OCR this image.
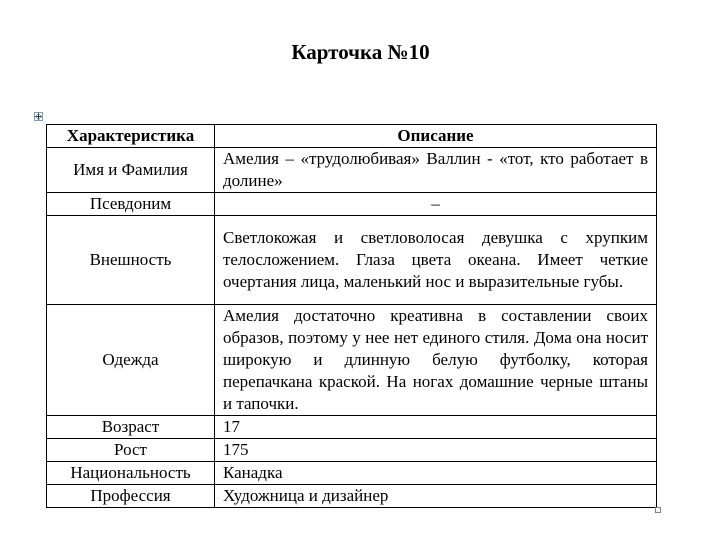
Карточка №10
Характеристика	Описание
Имя и Фамилия	Амелия – «трудолюбивая» Валлин - «тот, кто работает в долине»
Псевдоним	–
Внешность	Светлокожая и светловолосая девушка с хрупким телосложением. Глаза цвета океана. Имеет четкие очертания лица, маленький нос и выразительные губы.
Одежда	Амелия достаточно креативна в составлении своих образов, поэтому у нее нет единого стиля. Дома она носит широкую и длинную белую футболку, которая перепачкана краской. На ногах домашние черные штаны и тапочки.
Возраст	17
Рост	175
Национальность	Канадка
Профессия	Художница и дизайнер
